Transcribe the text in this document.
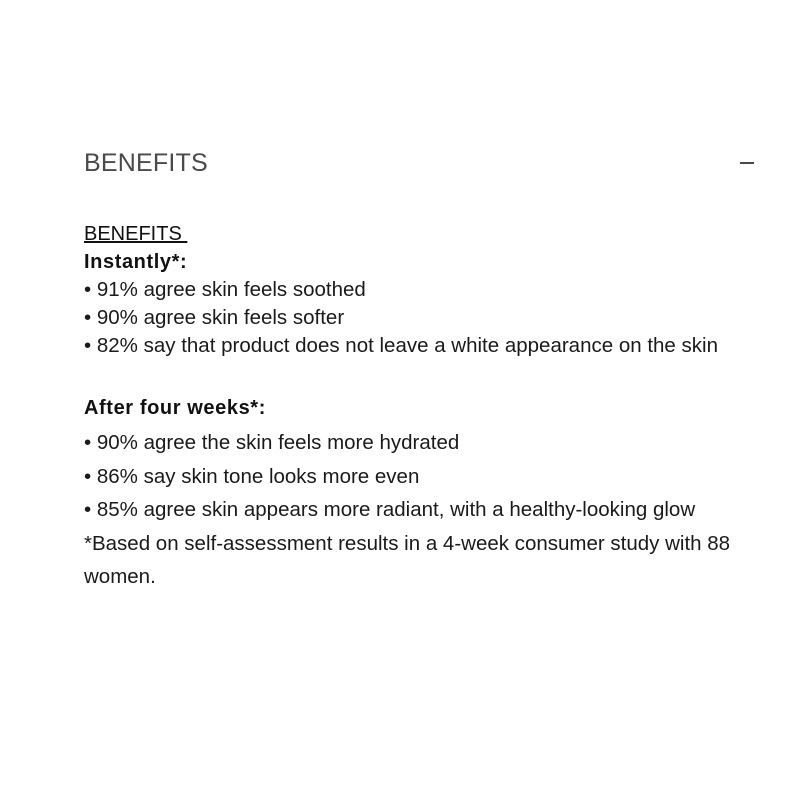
BENEFITS
BENEFITS
Instantly*:
• 91% agree skin feels soothed
• 90% agree skin feels softer
• 82% say that product does not leave a white appearance on the skin
After four weeks*:
• 90% agree the skin feels more hydrated
• 86% say skin tone looks more even
• 85% agree skin appears more radiant, with a healthy-looking glow

*Based on self-assessment results in a 4-week consumer study with 88 women.
